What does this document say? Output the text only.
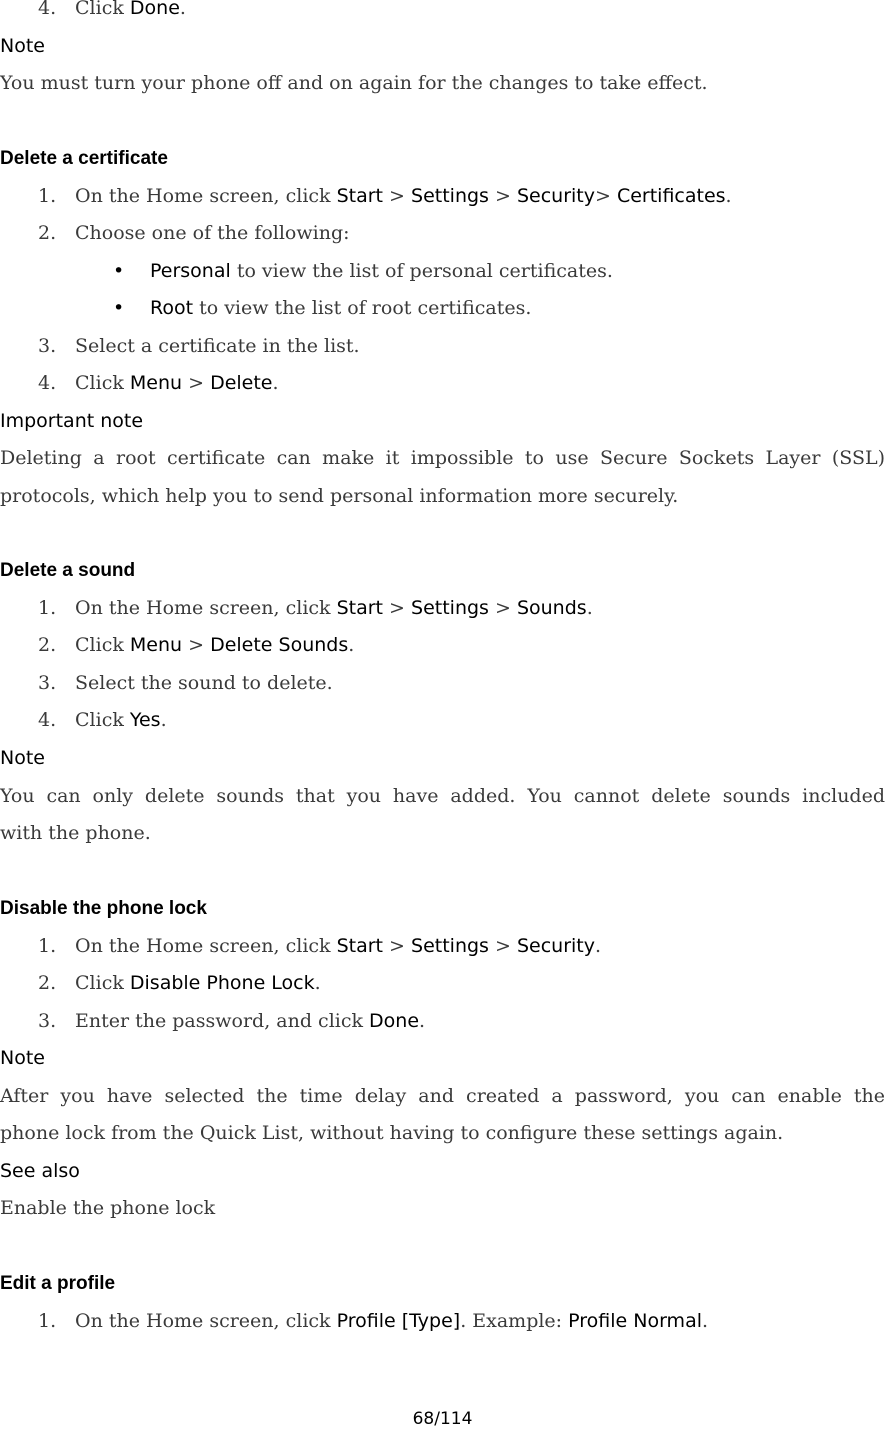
4. Click Done.
Note
You must turn your phone off and on again for the changes to take effect.
Delete a certificate
1. On the Home screen, click Start > Settings > Security> Certificates.
2. Choose one of the following:
• Personal to view the list of personal certificates.
• Root to view the list of root certificates.
3. Select a certificate in the list.
4. Click Menu > Delete.
Important note
Deleting a root certificate can make it impossible to use Secure Sockets Layer (SSL)
protocols, which help you to send personal information more securely.
Delete a sound
1. On the Home screen, click Start > Settings > Sounds.
2. Click Menu > Delete Sounds.
3. Select the sound to delete.
4. Click Yes.
Note
You can only delete sounds that you have added. You cannot delete sounds included
with the phone.
Disable the phone lock
1. On the Home screen, click Start > Settings > Security.
2. Click Disable Phone Lock.
3. Enter the password, and click Done.
Note
After you have selected the time delay and created a password, you can enable the
phone lock from the Quick List, without having to configure these settings again.
See also
Enable the phone lock
Edit a profile
1. On the Home screen, click Profile [Type]. Example: Profile Normal.
68/114
